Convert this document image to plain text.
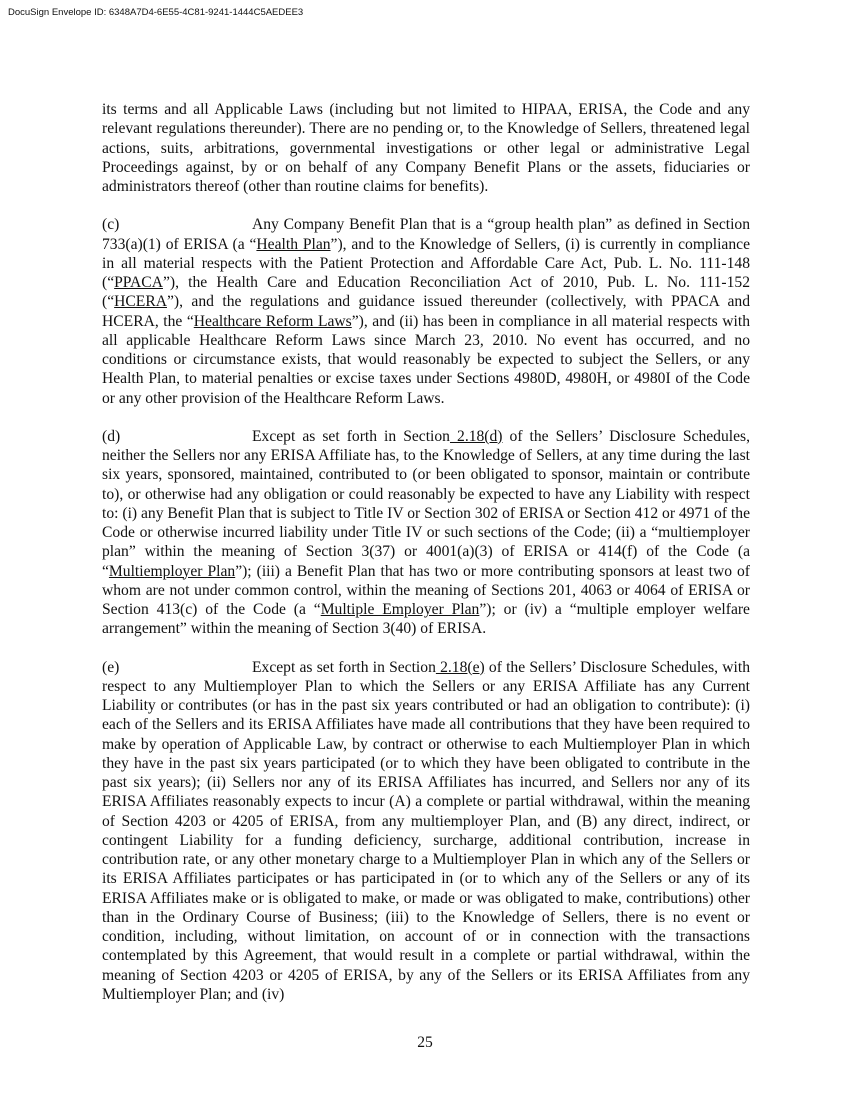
DocuSign Envelope ID: 6348A7D4-6E55-4C81-9241-1444C5AEDEE3

its terms and all Applicable Laws (including but not limited to HIPAA, ERISA, the Code and any relevant regulations thereunder). There are no pending or, to the Knowledge of Sellers, threatened legal actions, suits, arbitrations, governmental investigations or other legal or administrative Legal Proceedings against, by or on behalf of any Company Benefit Plans or the assets, fiduciaries or administrators thereof (other than routine claims for benefits).

(c)	Any Company Benefit Plan that is a “group health plan” as defined in Section 733(a)(1) of ERISA (a “Health Plan”), and to the Knowledge of Sellers, (i) is currently in compliance in all material respects with the Patient Protection and Affordable Care Act, Pub. L. No. 111-148 (“PPACA”), the Health Care and Education Reconciliation Act of 2010, Pub. L. No. 111-152 (“HCERA”), and the regulations and guidance issued thereunder (collectively, with PPACA and HCERA, the “Healthcare Reform Laws”), and (ii) has been in compliance in all material respects with all applicable Healthcare Reform Laws since March 23, 2010. No event has occurred, and no conditions or circumstance exists, that would reasonably be expected to subject the Sellers, or any Health Plan, to material penalties or excise taxes under Sections 4980D, 4980H, or 4980I of the Code or any other provision of the Healthcare Reform Laws.

(d)	Except as set forth in Section 2.18(d) of the Sellers’ Disclosure Schedules, neither the Sellers nor any ERISA Affiliate has, to the Knowledge of Sellers, at any time during the last six years, sponsored, maintained, contributed to (or been obligated to sponsor, maintain or contribute to), or otherwise had any obligation or could reasonably be expected to have any Liability with respect to: (i) any Benefit Plan that is subject to Title IV or Section 302 of ERISA or Section 412 or 4971 of the Code or otherwise incurred liability under Title IV or such sections of the Code; (ii) a “multiemployer plan” within the meaning of Section 3(37) or 4001(a)(3) of ERISA or 414(f) of the Code (a “Multiemployer Plan”); (iii) a Benefit Plan that has two or more contributing sponsors at least two of whom are not under common control, within the meaning of Sections 201, 4063 or 4064 of ERISA or Section 413(c) of the Code (a “Multiple Employer Plan”); or (iv) a “multiple employer welfare arrangement” within the meaning of Section 3(40) of ERISA.

(e)	Except as set forth in Section 2.18(e) of the Sellers’ Disclosure Schedules, with respect to any Multiemployer Plan to which the Sellers or any ERISA Affiliate has any Current Liability or contributes (or has in the past six years contributed or had an obligation to contribute): (i) each of the Sellers and its ERISA Affiliates have made all contributions that they have been required to make by operation of Applicable Law, by contract or otherwise to each Multiemployer Plan in which they have in the past six years participated (or to which they have been obligated to contribute in the past six years); (ii) Sellers nor any of its ERISA Affiliates has incurred, and Sellers nor any of its ERISA Affiliates reasonably expects to incur (A) a complete or partial withdrawal, within the meaning of Section 4203 or 4205 of ERISA, from any multiemployer Plan, and (B) any direct, indirect, or contingent Liability for a funding deficiency, surcharge, additional contribution, increase in contribution rate, or any other monetary charge to a Multiemployer Plan in which any of the Sellers or its ERISA Affiliates participates or has participated in (or to which any of the Sellers or any of its ERISA Affiliates make or is obligated to make, or made or was obligated to make, contributions) other than in the Ordinary Course of Business; (iii) to the Knowledge of Sellers, there is no event or condition, including, without limitation, on account of or in connection with the transactions contemplated by this Agreement, that would result in a complete or partial withdrawal, within the meaning of Section 4203 or 4205 of ERISA, by any of the Sellers or its ERISA Affiliates from any Multiemployer Plan; and (iv)

25
